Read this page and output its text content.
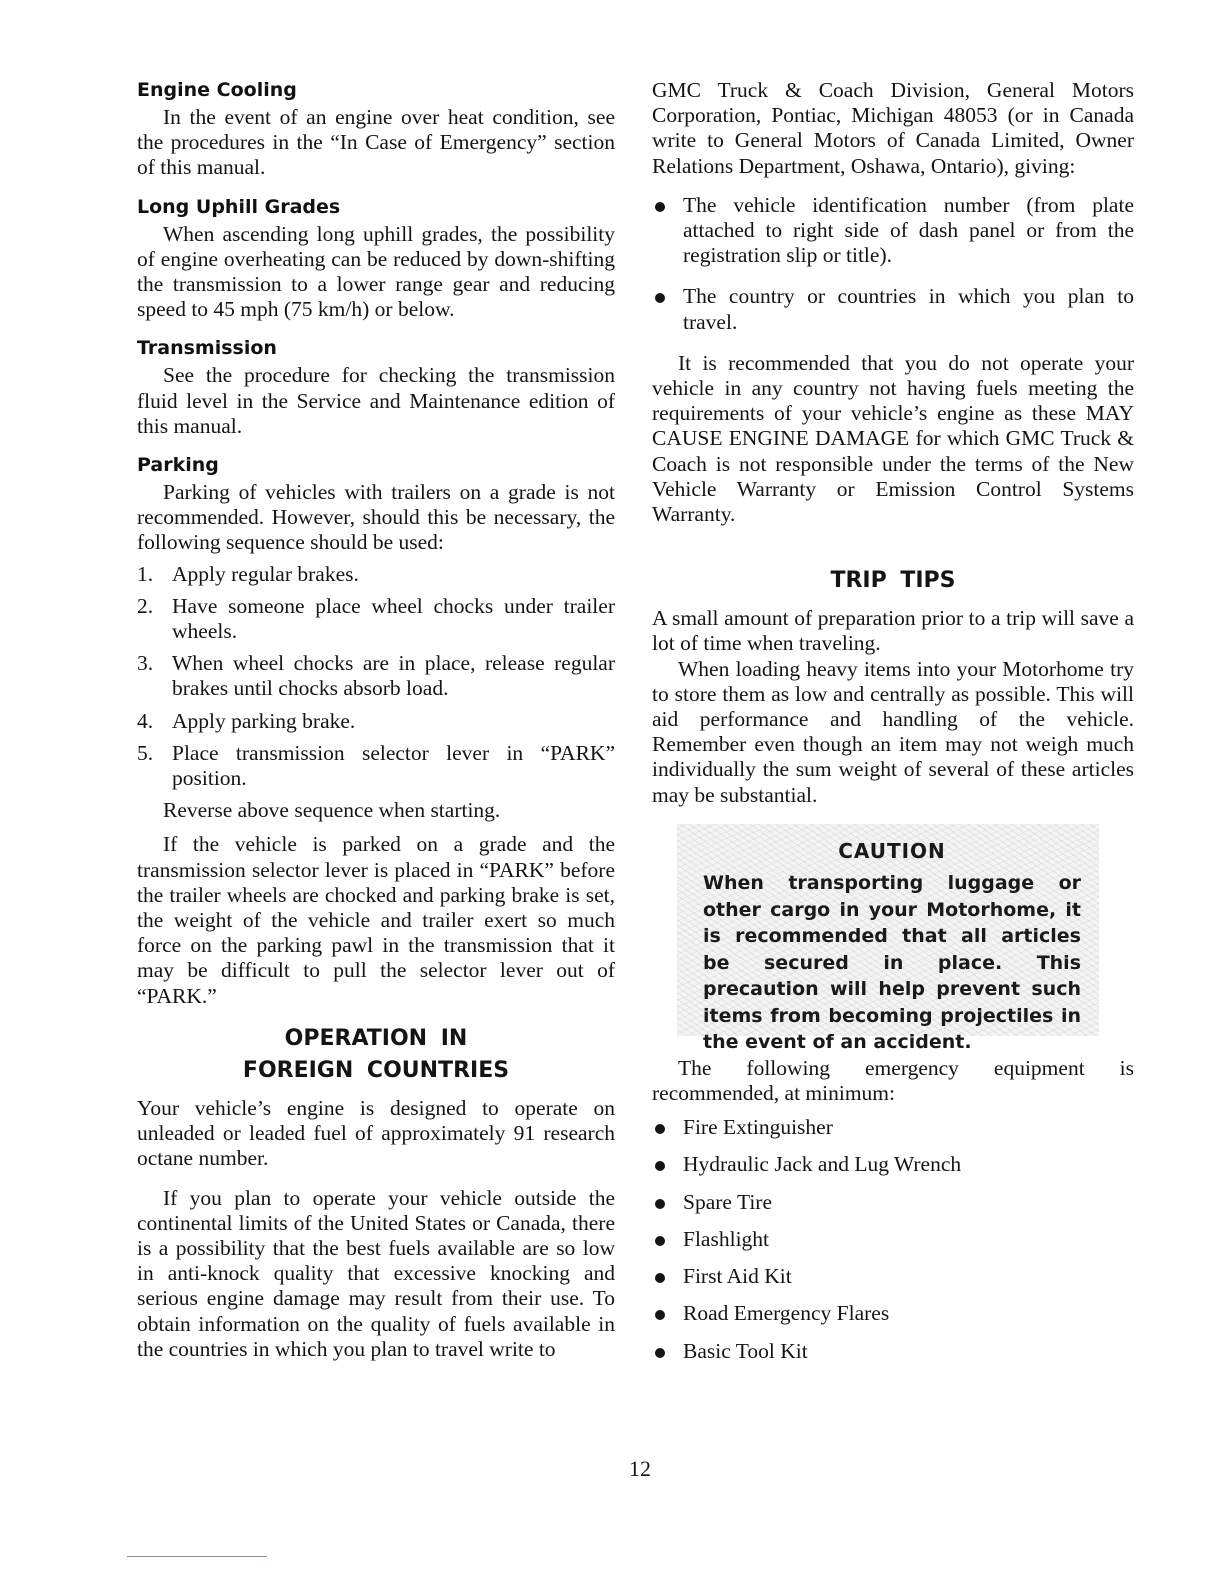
Engine Cooling

In the event of an engine over heat condition, see the procedures in the “In Case of Emergency” section of this manual.

Long Uphill Grades

When ascending long uphill grades, the possibility of engine overheating can be reduced by down-shifting the transmission to a lower range gear and reducing speed to 45 mph (75 km/h) or below.

Transmission

See the procedure for checking the transmission fluid level in the Service and Maintenance edition of this manual.

Parking

Parking of vehicles with trailers on a grade is not recommended. However, should this be necessary, the following sequence should be used:

1. Apply regular brakes.
2. Have someone place wheel chocks under trailer wheels.
3. When wheel chocks are in place, release regular brakes until chocks absorb load.
4. Apply parking brake.
5. Place transmission selector lever in “PARK” position.

Reverse above sequence when starting.

If the vehicle is parked on a grade and the transmission selector lever is placed in “PARK” before the trailer wheels are chocked and parking brake is set, the weight of the vehicle and trailer exert so much force on the parking pawl in the transmission that it may be difficult to pull the selector lever out of “PARK.”

OPERATION IN
FOREIGN COUNTRIES

Your vehicle’s engine is designed to operate on unleaded or leaded fuel of approximately 91 research octane number.

If you plan to operate your vehicle outside the continental limits of the United States or Canada, there is a possibility that the best fuels available are so low in anti-knock quality that excessive knocking and serious engine damage may result from their use. To obtain information on the quality of fuels available in the countries in which you plan to travel write to

GMC Truck & Coach Division, General Motors Corporation, Pontiac, Michigan 48053 (or in Canada write to General Motors of Canada Limited, Owner Relations Department, Oshawa, Ontario), giving:

The vehicle identification number (from plate attached to right side of dash panel or from the registration slip or title).
The country or countries in which you plan to travel.

It is recommended that you do not operate your vehicle in any country not having fuels meeting the requirements of your vehicle’s engine as these MAY CAUSE ENGINE DAMAGE for which GMC Truck & Coach is not responsible under the terms of the New Vehicle Warranty or Emission Control Systems Warranty.

TRIP TIPS

A small amount of preparation prior to a trip will save a lot of time when traveling.

When loading heavy items into your Motorhome try to store them as low and centrally as possible. This will aid performance and handling of the vehicle. Remember even though an item may not weigh much individually the sum weight of several of these articles may be substantial.

CAUTION

When transporting luggage or other cargo in your Motorhome, it is recommended that all articles be secured in place. This precaution will help prevent such items from becoming projectiles in the event of an accident.

The following emergency equipment is recommended, at minimum:

Fire Extinguisher
Hydraulic Jack and Lug Wrench
Spare Tire
Flashlight
First Aid Kit
Road Emergency Flares
Basic Tool Kit
12
